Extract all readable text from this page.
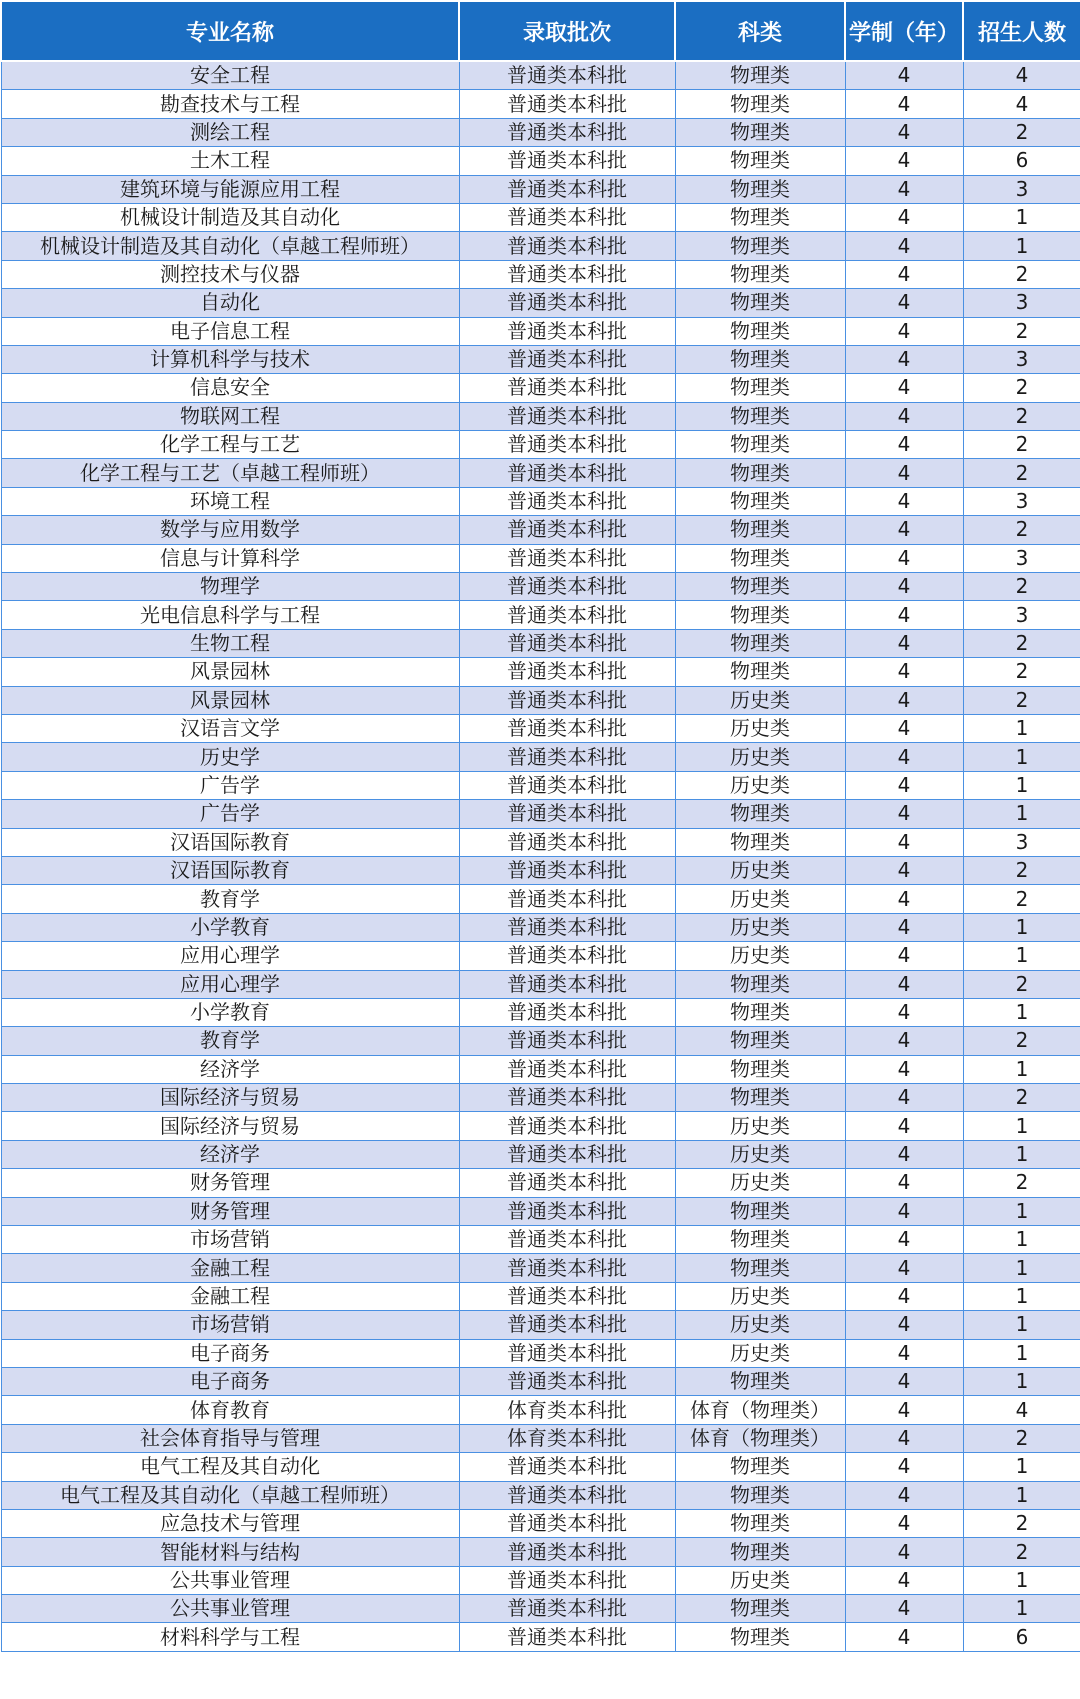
专业名称	录取批次	科类	学制（年）	招生人数
安全工程	普通类本科批	物理类	4	4
勘查技术与工程	普通类本科批	物理类	4	4
测绘工程	普通类本科批	物理类	4	2
土木工程	普通类本科批	物理类	4	6
建筑环境与能源应用工程	普通类本科批	物理类	4	3
机械设计制造及其自动化	普通类本科批	物理类	4	1
机械设计制造及其自动化（卓越工程师班）	普通类本科批	物理类	4	1
测控技术与仪器	普通类本科批	物理类	4	2
自动化	普通类本科批	物理类	4	3
电子信息工程	普通类本科批	物理类	4	2
计算机科学与技术	普通类本科批	物理类	4	3
信息安全	普通类本科批	物理类	4	2
物联网工程	普通类本科批	物理类	4	2
化学工程与工艺	普通类本科批	物理类	4	2
化学工程与工艺（卓越工程师班）	普通类本科批	物理类	4	2
环境工程	普通类本科批	物理类	4	3
数学与应用数学	普通类本科批	物理类	4	2
信息与计算科学	普通类本科批	物理类	4	3
物理学	普通类本科批	物理类	4	2
光电信息科学与工程	普通类本科批	物理类	4	3
生物工程	普通类本科批	物理类	4	2
风景园林	普通类本科批	物理类	4	2
风景园林	普通类本科批	历史类	4	2
汉语言文学	普通类本科批	历史类	4	1
历史学	普通类本科批	历史类	4	1
广告学	普通类本科批	历史类	4	1
广告学	普通类本科批	物理类	4	1
汉语国际教育	普通类本科批	物理类	4	3
汉语国际教育	普通类本科批	历史类	4	2
教育学	普通类本科批	历史类	4	2
小学教育	普通类本科批	历史类	4	1
应用心理学	普通类本科批	历史类	4	1
应用心理学	普通类本科批	物理类	4	2
小学教育	普通类本科批	物理类	4	1
教育学	普通类本科批	物理类	4	2
经济学	普通类本科批	物理类	4	1
国际经济与贸易	普通类本科批	物理类	4	2
国际经济与贸易	普通类本科批	历史类	4	1
经济学	普通类本科批	历史类	4	1
财务管理	普通类本科批	历史类	4	2
财务管理	普通类本科批	物理类	4	1
市场营销	普通类本科批	物理类	4	1
金融工程	普通类本科批	物理类	4	1
金融工程	普通类本科批	历史类	4	1
市场营销	普通类本科批	历史类	4	1
电子商务	普通类本科批	历史类	4	1
电子商务	普通类本科批	物理类	4	1
体育教育	体育类本科批	体育（物理类）	4	4
社会体育指导与管理	体育类本科批	体育（物理类）	4	2
电气工程及其自动化	普通类本科批	物理类	4	1
电气工程及其自动化（卓越工程师班）	普通类本科批	物理类	4	1
应急技术与管理	普通类本科批	物理类	4	2
智能材料与结构	普通类本科批	物理类	4	2
公共事业管理	普通类本科批	历史类	4	1
公共事业管理	普通类本科批	物理类	4	1
材料科学与工程	普通类本科批	物理类	4	6
